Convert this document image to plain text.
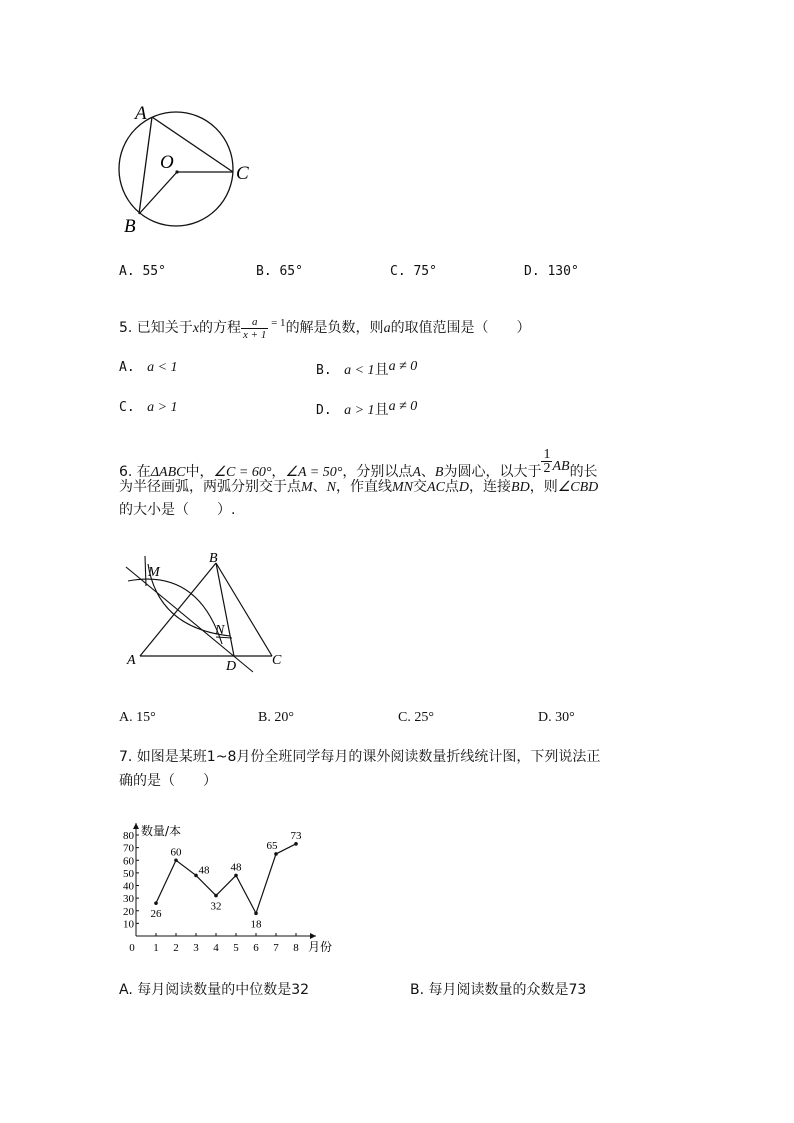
A
O
C
B
A. 55°	B. 65°	C. 75°	D. 130°
5. 已知关于x的方程 $\frac{a}{x + 1} ^{= 1}$的解是负数，则a的取值范围是（　　）
A. a < 1	B. a < 1且a ≠ 0
C. a > 1	D. a > 1且a ≠ 0
6. 在ΔABC中，∠C = 60°，∠A = 50°，分别以点A、B为圆心，以大于 $\frac{1}{2}$ AB的长
为半径画弧，两弧分别交于点M、N，作直线MN交AC点D，连接BD，则∠CBD
的大小是（　　）.
M
B
N
A	D	C
A. 15°	B. 20°	C. 25°	D. 30°
7. 如图是某班1~8月份全班同学每月的课外阅读数量折线统计图，下列说法正
确的是（　　）
10
20
30
40
50
60
70
80
0 1 2 3 4 5 6 7 8
数量/本
月份
26
60
48
32
48
18
65
73
A. 每月阅读数量的中位数是32	B. 每月阅读数量的众数是73
